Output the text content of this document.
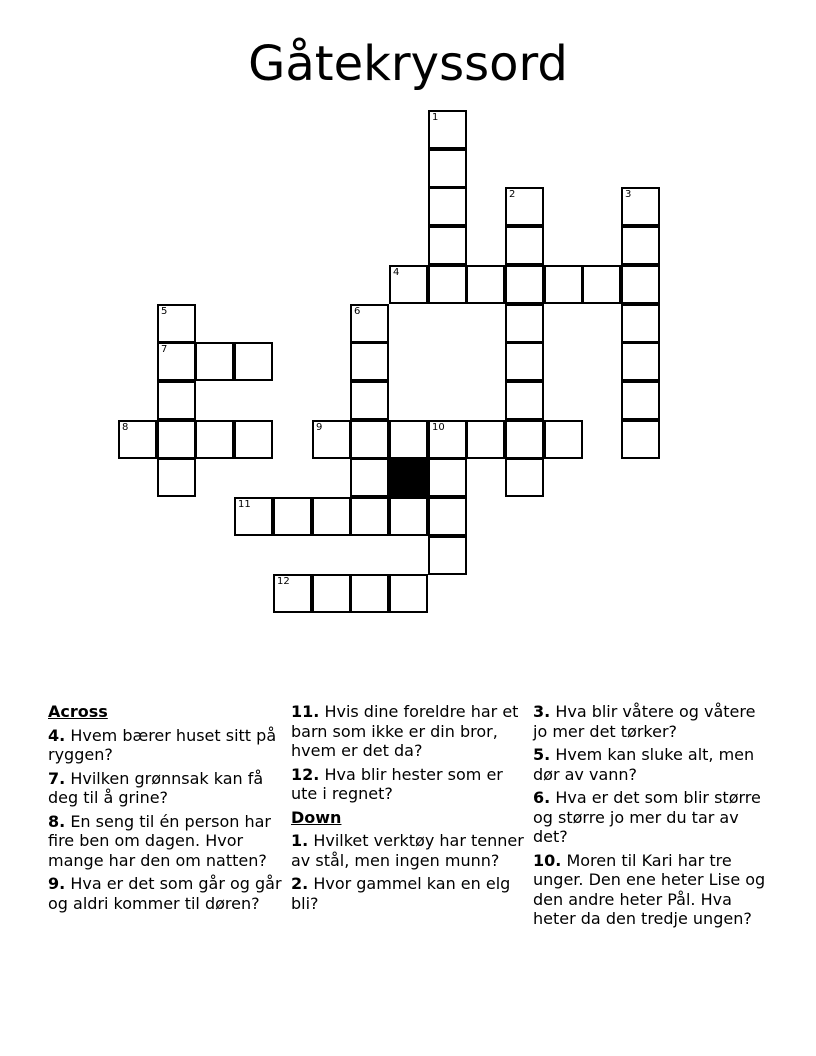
Gåtekryssord
1
2	3
4
5	6
7
8	9	10
11
12
Across

4. Hvem bærer huset sitt på ryggen?

7. Hvilken grønnsak kan få deg til å grine?

8. En seng til én person har fire ben om dagen. Hvor mange har den om natten?

9. Hva er det som går og går og aldri kommer til døren?

11. Hvis dine foreldre har et barn som ikke er din bror, hvem er det da?

12. Hva blir hester som er ute i regnet?

Down

1. Hvilket verktøy har tenner av stål, men ingen munn?

2. Hvor gammel kan en elg bli?

3. Hva blir våtere og våtere jo mer det tørker?

5. Hvem kan sluke alt, men dør av vann?

6. Hva er det som blir større og større jo mer du tar av det?

10. Moren til Kari har tre unger. Den ene heter Lise og den andre heter Pål. Hva heter da den tredje ungen?
